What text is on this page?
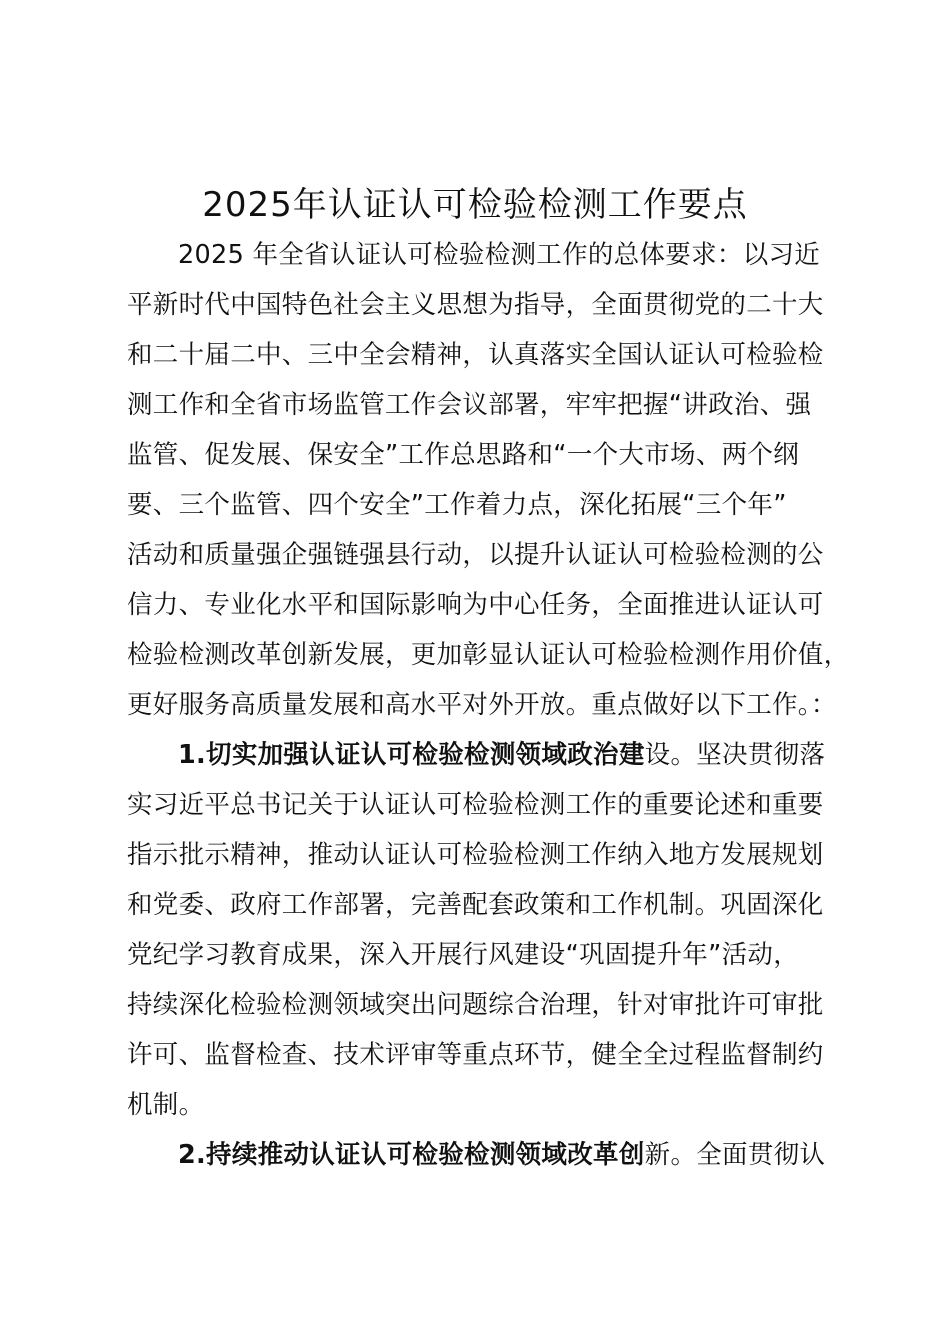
2025年认证认可检验检测工作要点
2025 年全省认证认可检验检测工作的总体要求：以习近
平新时代中国特色社会主义思想为指导，全面贯彻党的二十大
和二十届二中、三中全会精神，认真落实全国认证认可检验检
测工作和全省市场监管工作会议部署，牢牢把握“讲政治、强
监管、促发展、保安全”工作总思路和“一个大市场、两个纲
要、三个监管、四个安全”工作着力点，深化拓展“三个年”
活动和质量强企强链强县行动，以提升认证认可检验检测的公
信力、专业化水平和国际影响为中心任务，全面推进认证认可
检验检测改革创新发展，更加彰显认证认可检验检测作用价值，
更好服务高质量发展和高水平对外开放。重点做好以下工作。：
1.切实加强认证认可检验检测领域政治建设。坚决贯彻落
实习近平总书记关于认证认可检验检测工作的重要论述和重要
指示批示精神，推动认证认可检验检测工作纳入地方发展规划
和党委、政府工作部署，完善配套政策和工作机制。巩固深化
党纪学习教育成果，深入开展行风建设“巩固提升年”活动，
持续深化检验检测领域突出问题综合治理，针对审批许可审批
许可、监督检查、技术评审等重点环节，健全全过程监督制约
机制。
2.持续推动认证认可检验检测领域改革创新。全面贯彻认
